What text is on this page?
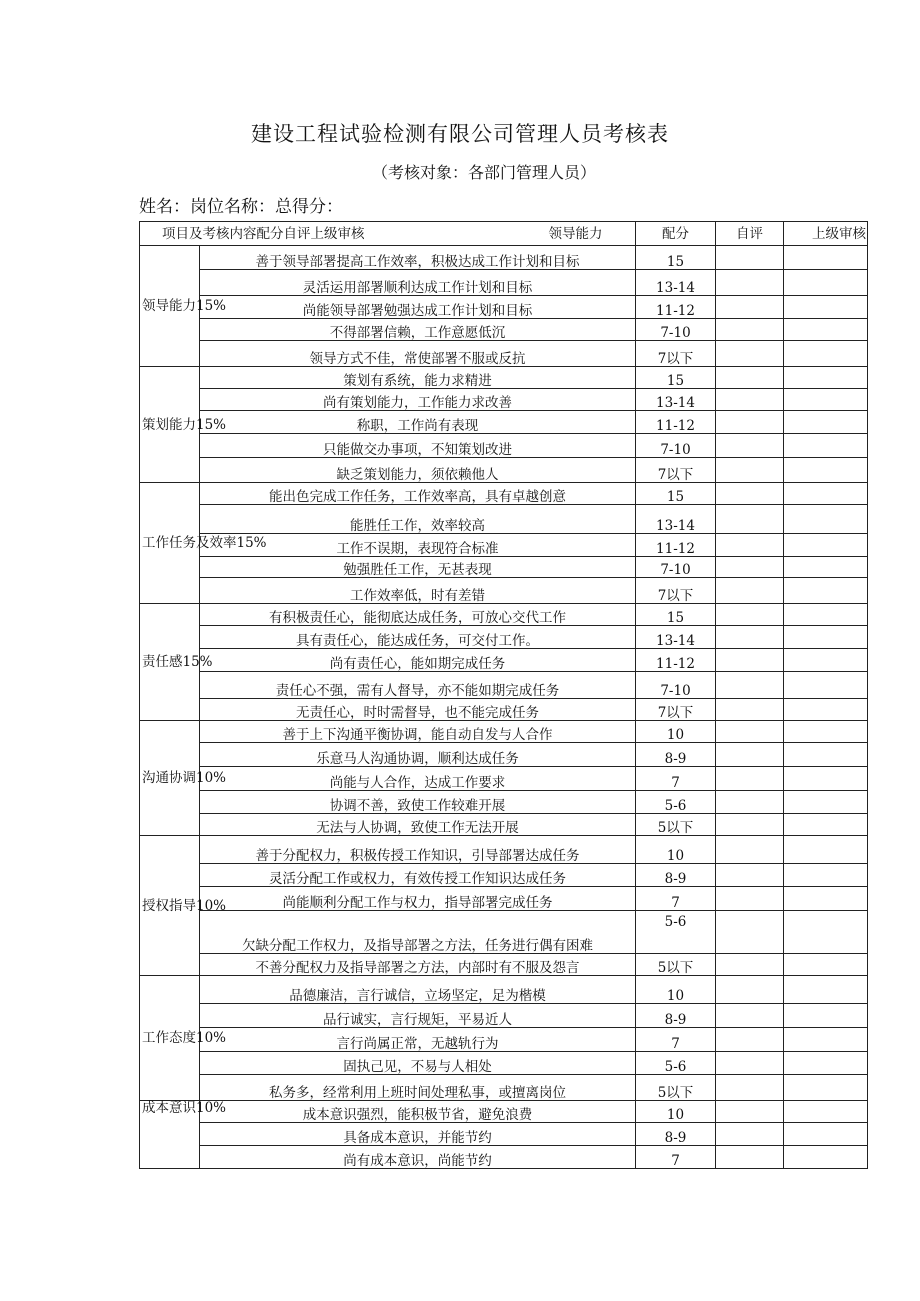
建设工程试验检测有限公司管理人员考核表
（考核对象：各部门管理人员）
姓名：岗位名称：总得分：
项目及考核内容配分自评上级审核 领导能力		配分	自评	上级审核
领导能力15%	善于领导部署提高工作效率，积极达成工作计划和目标	15		
	灵活运用部署顺利达成工作计划和目标	13-14		
	尚能领导部署勉强达成工作计划和目标	11-12		
	不得部署信赖，工作意愿低沉	7-10		
	领导方式不佳，常使部署不服或反抗	7以下		
策划能力15%	策划有系统，能力求精进	15		
	尚有策划能力，工作能力求改善	13-14		
	称职，工作尚有表现	11-12		
	只能做交办事项，不知策划改进	7-10		
	缺乏策划能力，须依赖他人	7以下		
工作任务及效率15%	能出色完成工作任务，工作效率高，具有卓越创意	15		
	能胜任工作，效率较高	13-14		
	工作不误期，表现符合标准	11-12		
	勉强胜任工作，无甚表现	7-10		
	工作效率低，时有差错	7以下		
责任感15%	有积极责任心，能彻底达成任务，可放心交代工作	15		
	具有责任心，能达成任务，可交付工作。	13-14		
	尚有责任心，能如期完成任务	11-12		
	责任心不强，需有人督导，亦不能如期完成任务	7-10		
	无责任心，时时需督导，也不能完成任务	7以下		
沟通协调10%	善于上下沟通平衡协调，能自动自发与人合作	10		
	乐意马人沟通协调，顺利达成任务	8-9		
	尚能与人合作，达成工作要求	7		
	协调不善，致使工作较难开展	5-6		
	无法与人协调，致使工作无法开展	5以下		
授权指导10%	善于分配权力，积极传授工作知识，引导部署达成任务	10		
	灵活分配工作或权力，有效传授工作知识达成任务	8-9		
	尚能顺利分配工作与权力，指导部署完成任务	7		
	欠缺分配工作权力，及指导部署之方法，任务进行偶有困难	5-6		
	不善分配权力及指导部署之方法，内部时有不服及怨言	5以下		
工作态度10%	品德廉洁，言行诚信，立场坚定，足为楷模	10		
	品行诚实，言行规矩，平易近人	8-9		
	言行尚属正常，无越轨行为	7		
	固执己见，不易与人相处	5-6		
	私务多，经常利用上班时间处理私事，或擅离岗位	5以下		
成本意识10%	成本意识强烈，能积极节省，避免浪费	10		
	具备成本意识，并能节约	8-9		
	尚有成本意识，尚能节约	7		
